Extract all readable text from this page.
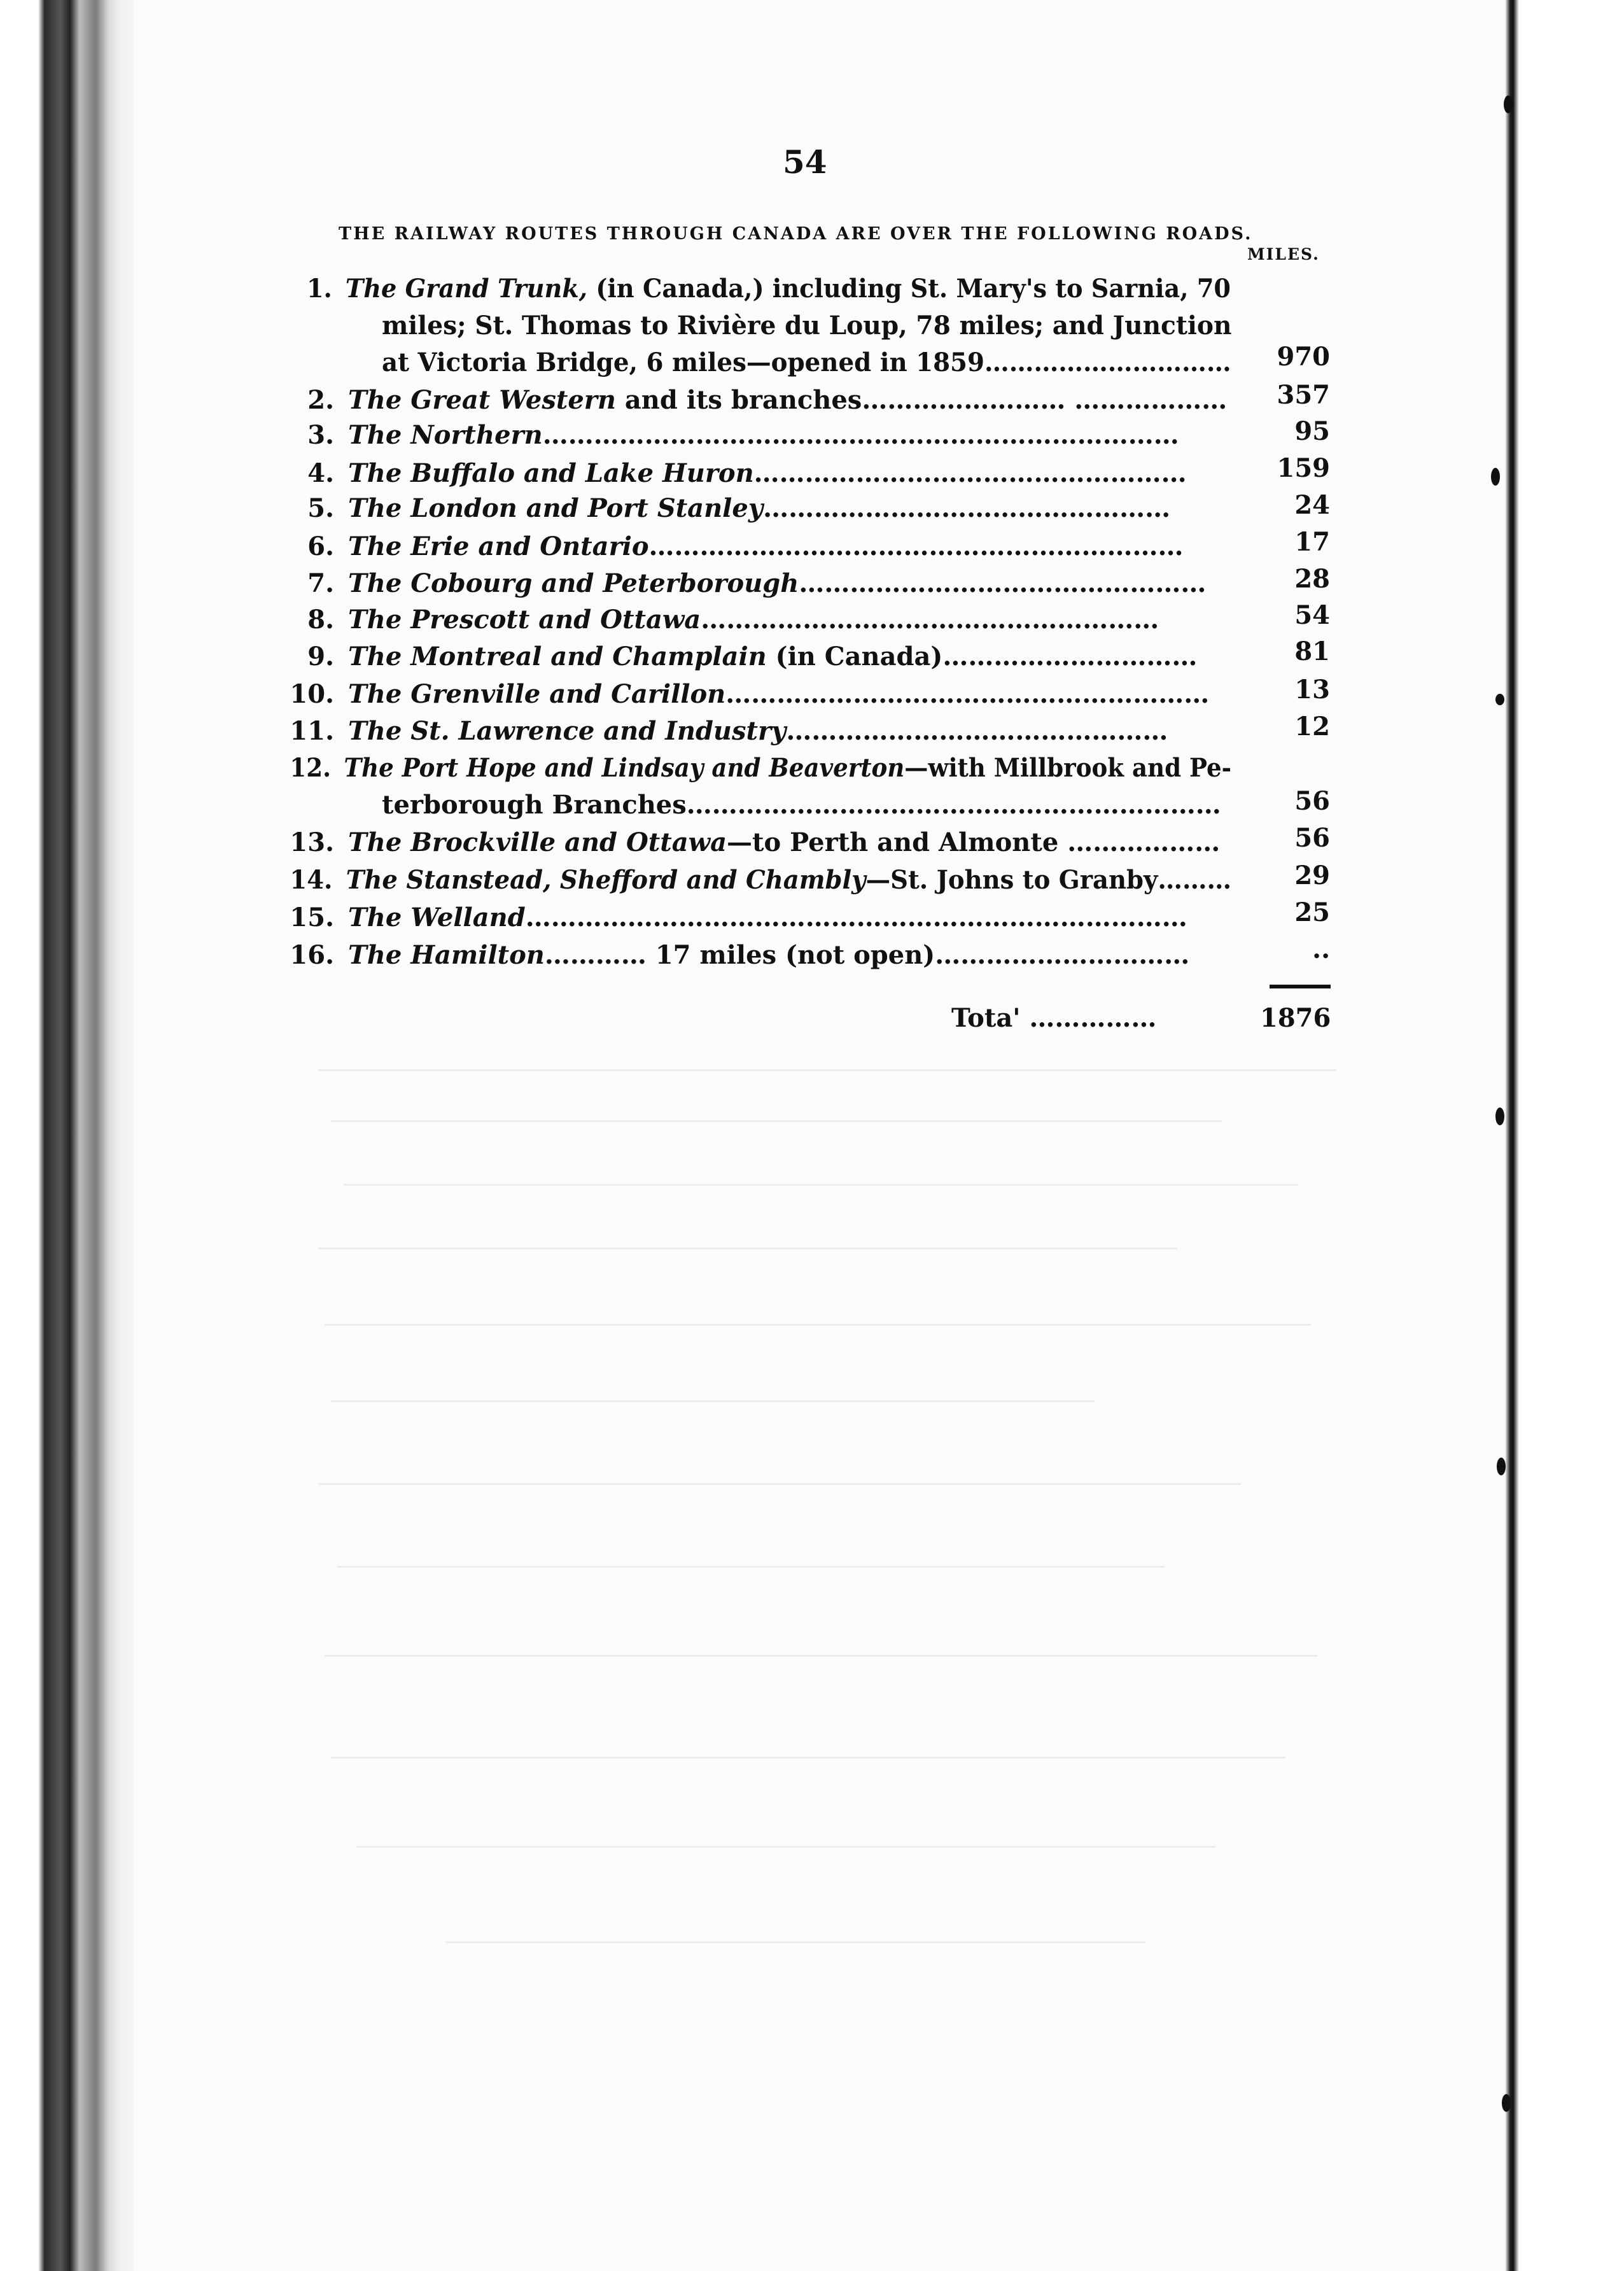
54
THE RAILWAY ROUTES THROUGH CANADA ARE OVER THE FOLLOWING ROADS.
MILES.
1. The Grand Trunk, (in Canada,) including St. Mary's to Sarnia, 70
miles; St. Thomas to Rivière du Loup, 78 miles; and Junction
at Victoria Bridge, 6 miles—opened in 1859…………………………	970
2. The Great Western and its branches…………………… ………………	357
3. The Northern…………………………………………………………………	95
4. The Buffalo and Lake Huron……………………………………………	159
5. The London and Port Stanley…………………………………………	24
6. The Erie and Ontario………………………………………………………	17
7. The Cobourg and Peterborough…………………………………………	28
8. The Prescott and Ottawa………………………………………………	54
9. The Montreal and Champlain (in Canada)…………………………	81
10. The Grenville and Carillon…………………………………………………	13
11. The St. Lawrence and Industry………………………………………	12
12. The Port Hope and Lindsay and Beaverton—with Millbrook and Pe-
terborough Branches………………………………………………………	56
13. The Brockville and Ottawa—to Perth and Almonte ………………	56
14. The Stanstead, Shefford and Chambly—St. Johns to Granby………	29
15. The Welland……………………………………………………………………	25
16. The Hamilton………… 17 miles (not open)…………………………	..
Tota' ……………	1876
